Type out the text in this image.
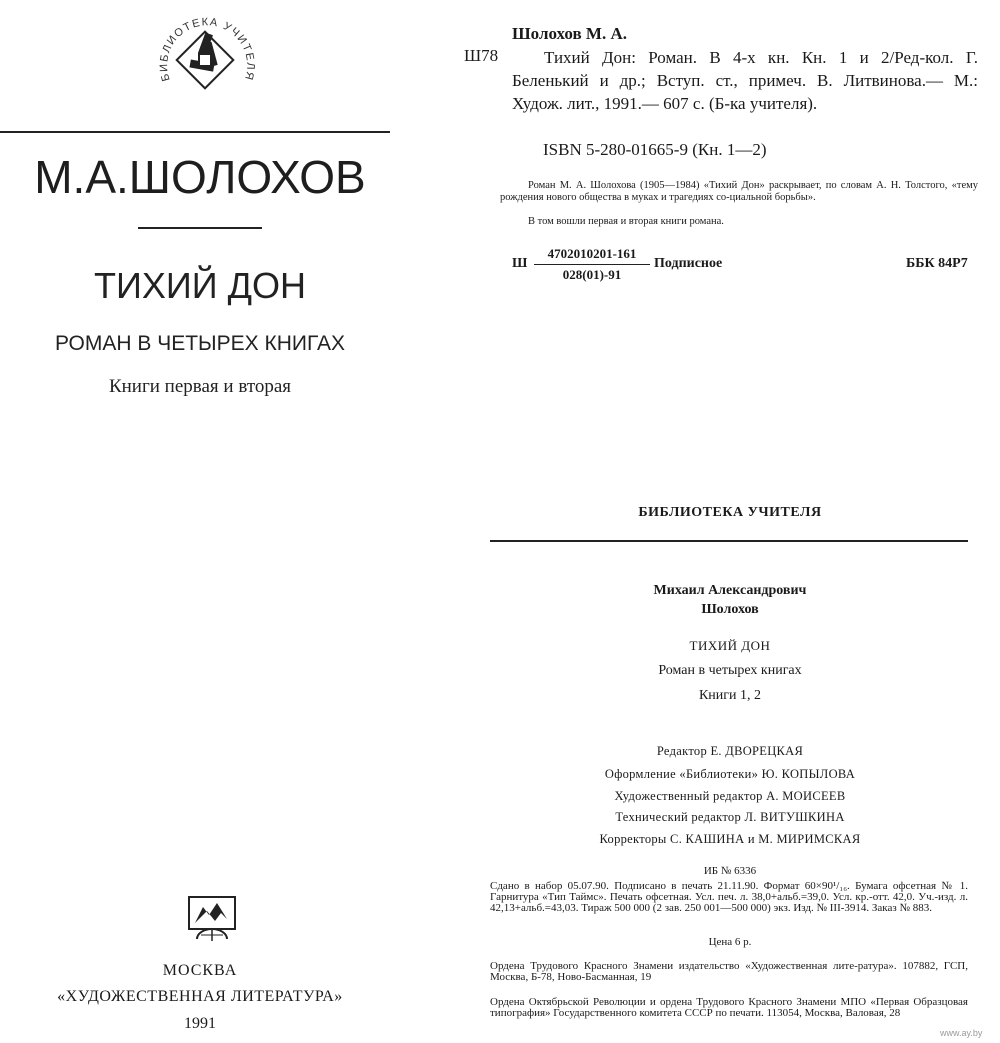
БИБЛИОТЕКА УЧИТЕЛЯ
М.А.ШОЛОХОВ
ТИХИЙ ДОН
РОМАН В ЧЕТЫРЕХ КНИГАХ
Книги первая и вторая
МОСКВА
«ХУДОЖЕСТВЕННАЯ ЛИТЕРАТУРА»
1991
Шолохов М. А.
Ш78	Тихий Дон: Роман. В 4-х кн. Кн. 1 и 2/Ред-кол. Г. Беленький и др.; Вступ. ст., примеч. В. Литвинова.— М.: Худож. лит., 1991.— 607 с. (Б-ка учителя).
ISBN 5-280-01665-9 (Кн. 1—2)
Роман М. А. Шолохова (1905—1984) «Тихий Дон» раскрывает, по словам А. Н. Толстого, «тему рождения нового общества в муках и трагедиях со-циальной борьбы».
В том вошли первая и вторая книги романа.
Ш $\frac{4702010201-161}{028(01)-91}$ Подписное	ББК 84Р7
БИБЛИОТЕКА УЧИТЕЛЯ
Михаил Александрович
Шолохов
ТИХИЙ ДОН
Роман в четырех книгах
Книги 1, 2
Редактор Е. ДВОРЕЦКАЯ
Оформление «Библиотеки» Ю. КОПЫЛОВА
Художественный редактор А. МОИСЕЕВ
Технический редактор Л. ВИТУШКИНА
Корректоры С. КАШИНА и М. МИРИМСКАЯ
ИБ № 6336
Сдано в набор 05.07.90. Подписано в печать 21.11.90. Формат 60×90¹/₁₆. Бумага офсетная № 1. Гарнитура «Тип Таймс». Печать офсетная. Усл. печ. л. 38,0+альб.=39,0. Усл. кр.-отт. 42,0. Уч.-изд. л. 42,13+альб.=43,03. Тираж 500 000 (2 зав. 250 001—500 000) экз. Изд. № III-3914. Заказ № 883.
Цена 6 р.
Ордена Трудового Красного Знамени издательство «Художественная лите-ратура». 107882, ГСП, Москва, Б-78, Ново-Басманная, 19
Ордена Октябрьской Революции и ордена Трудового Красного Знамени МПО «Первая Образцовая типография» Государственного комитета СССР по печати. 113054, Москва, Валовая, 28
www.ay.by
